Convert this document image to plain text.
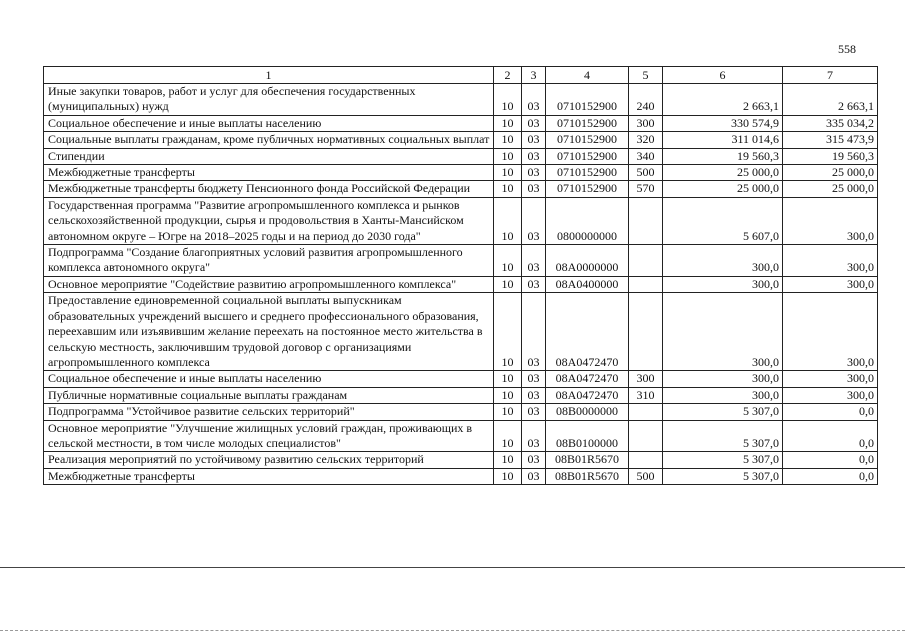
558
1	2	3	4	5	6	7
Иные закупки товаров, работ и услуг для обеспечения государственных (муниципальных) нужд	10	03	0710152900	240	2 663,1	2 663,1
Социальное обеспечение и иные выплаты населению	10	03	0710152900	300	330 574,9	335 034,2
Социальные выплаты гражданам, кроме публичных нормативных социальных выплат	10	03	0710152900	320	311 014,6	315 473,9
Стипендии	10	03	0710152900	340	19 560,3	19 560,3
Межбюджетные трансферты	10	03	0710152900	500	25 000,0	25 000,0
Межбюджетные трансферты бюджету Пенсионного фонда Российской Федерации	10	03	0710152900	570	25 000,0	25 000,0
Государственная программа "Развитие агропромышленного комплекса и рынков сельскохозяйственной продукции, сырья и продовольствия в Ханты-Мансийском автономном округе – Югре на 2018–2025 годы и на период до 2030 года"	10	03	0800000000		5 607,0	300,0
Подпрограмма "Создание благоприятных условий развития агропромышленного комплекса автономного округа"	10	03	08А0000000		300,0	300,0
Основное мероприятие "Содействие развитию агропромышленного комплекса"	10	03	08А0400000		300,0	300,0
Предоставление единовременной социальной выплаты выпускникам образовательных учреждений высшего и среднего профессионального образования, переехавшим или изъявившим желание переехать на постоянное место жительства в сельскую местность, заключившим трудовой договор с организациями агропромышленного комплекса	10	03	08А0472470		300,0	300,0
Социальное обеспечение и иные выплаты населению	10	03	08А0472470	300	300,0	300,0
Публичные нормативные социальные выплаты гражданам	10	03	08А0472470	310	300,0	300,0
Подпрограмма "Устойчивое развитие сельских территорий"	10	03	08В0000000		5 307,0	0,0
Основное мероприятие "Улучшение жилищных условий граждан, проживающих в сельской местности, в том числе молодых специалистов"	10	03	08В0100000		5 307,0	0,0
Реализация мероприятий по устойчивому развитию сельских территорий	10	03	08В01R5670		5 307,0	0,0
Межбюджетные трансферты	10	03	08В01R5670	500	5 307,0	0,0
